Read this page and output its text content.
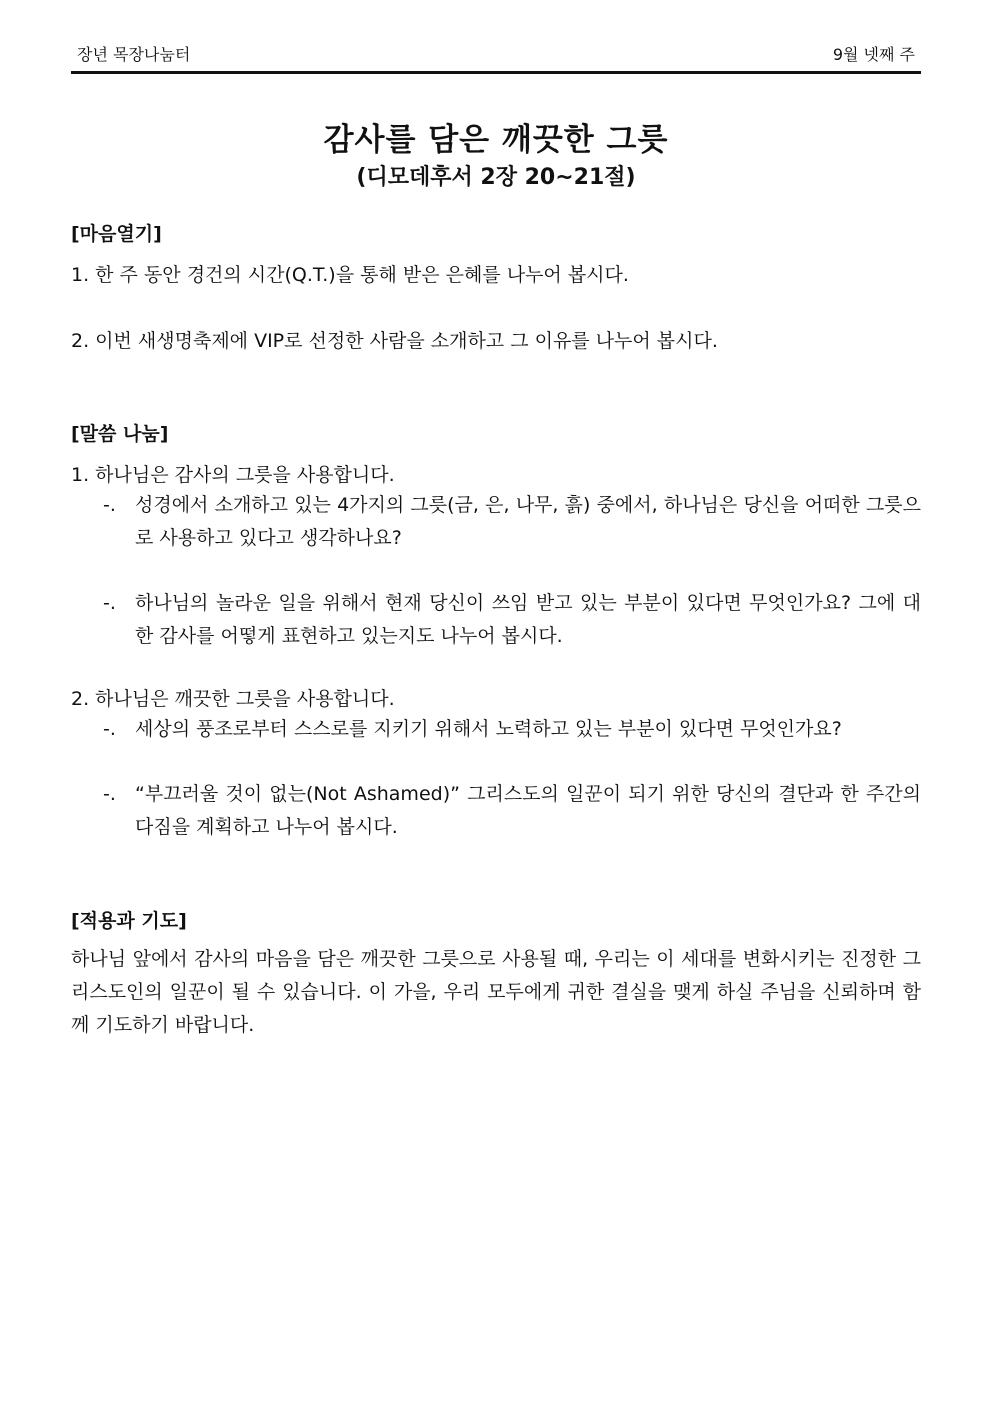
장년 목장나눔터	9월 넷째 주
감사를 담은 깨끗한 그릇
(디모데후서 2장 20~21절)
[마음열기]
1. 한 주 동안 경건의 시간(Q.T.)을 통해 받은 은혜를 나누어 봅시다.
2. 이번 새생명축제에 VIP로 선정한 사람을 소개하고 그 이유를 나누어 봅시다.
[말씀 나눔]
1. 하나님은 감사의 그릇을 사용합니다.
-.	성경에서 소개하고 있는 4가지의 그릇(금, 은, 나무, 흙) 중에서, 하나님은 당신을 어떠한 그릇으로 사용하고 있다고 생각하나요?
-.	하나님의 놀라운 일을 위해서 현재 당신이 쓰임 받고 있는 부분이 있다면 무엇인가요? 그에 대한 감사를 어떻게 표현하고 있는지도 나누어 봅시다.
2. 하나님은 깨끗한 그릇을 사용합니다.
-.	세상의 풍조로부터 스스로를 지키기 위해서 노력하고 있는 부분이 있다면 무엇인가요?
-.	“부끄러울 것이 없는(Not Ashamed)” 그리스도의 일꾼이 되기 위한 당신의 결단과 한 주간의 다짐을 계획하고 나누어 봅시다.
[적용과 기도]
하나님 앞에서 감사의 마음을 담은 깨끗한 그릇으로 사용될 때, 우리는 이 세대를 변화시키는 진정한 그리스도인의 일꾼이 될 수 있습니다. 이 가을, 우리 모두에게 귀한 결실을 맺게 하실 주님을 신뢰하며 함께 기도하기 바랍니다.
